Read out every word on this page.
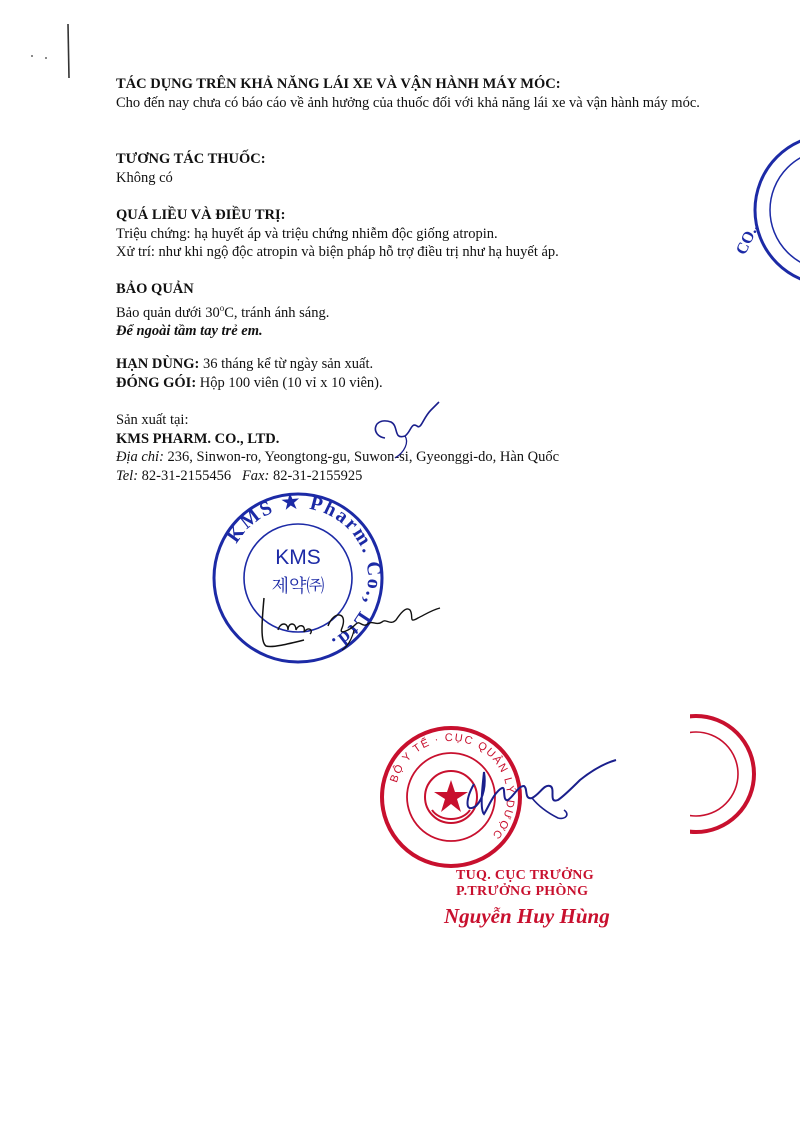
TÁC DỤNG TRÊN KHẢ NĂNG LÁI XE VÀ VẬN HÀNH MÁY MÓC:

Cho đến nay chưa có báo cáo về ảnh hưởng của thuốc đối với khả năng lái xe và vận hành máy móc.

TƯƠNG TÁC THUỐC:

Không có

QUÁ LIỀU VÀ ĐIỀU TRỊ:

Triệu chứng: hạ huyết áp và triệu chứng nhiễm độc giống atropin.

Xử trí: như khi ngộ độc atropin và biện pháp hỗ trợ điều trị như hạ huyết áp.

BẢO QUẢN

Bảo quản dưới 30$^o$C, tránh ánh sáng.

Để ngoài tầm tay trẻ em.

HẠN DÙNG: 36 tháng kể từ ngày sản xuất.

ĐÓNG GÓI: Hộp 100 viên (10 vỉ x 10 viên).

Sản xuất tại:

KMS PHARM. CO., LTD.

Địa chỉ: 236, Sinwon-ro, Yeongtong-gu, Suwon-si, Gyeonggi-do, Hàn Quốc

Tel: 82-31-2155456 Fax: 82-31-2155925

CO.,
KMS ★ Pharm. Co., Ltd.
KMS
제약㈜
BỘ Y TẾ · CỤC QUẢN LÝ DƯỢC
TUQ. CỤC TRƯỞNG
P.TRƯỞNG PHÒNG
Nguyễn Huy Hùng
